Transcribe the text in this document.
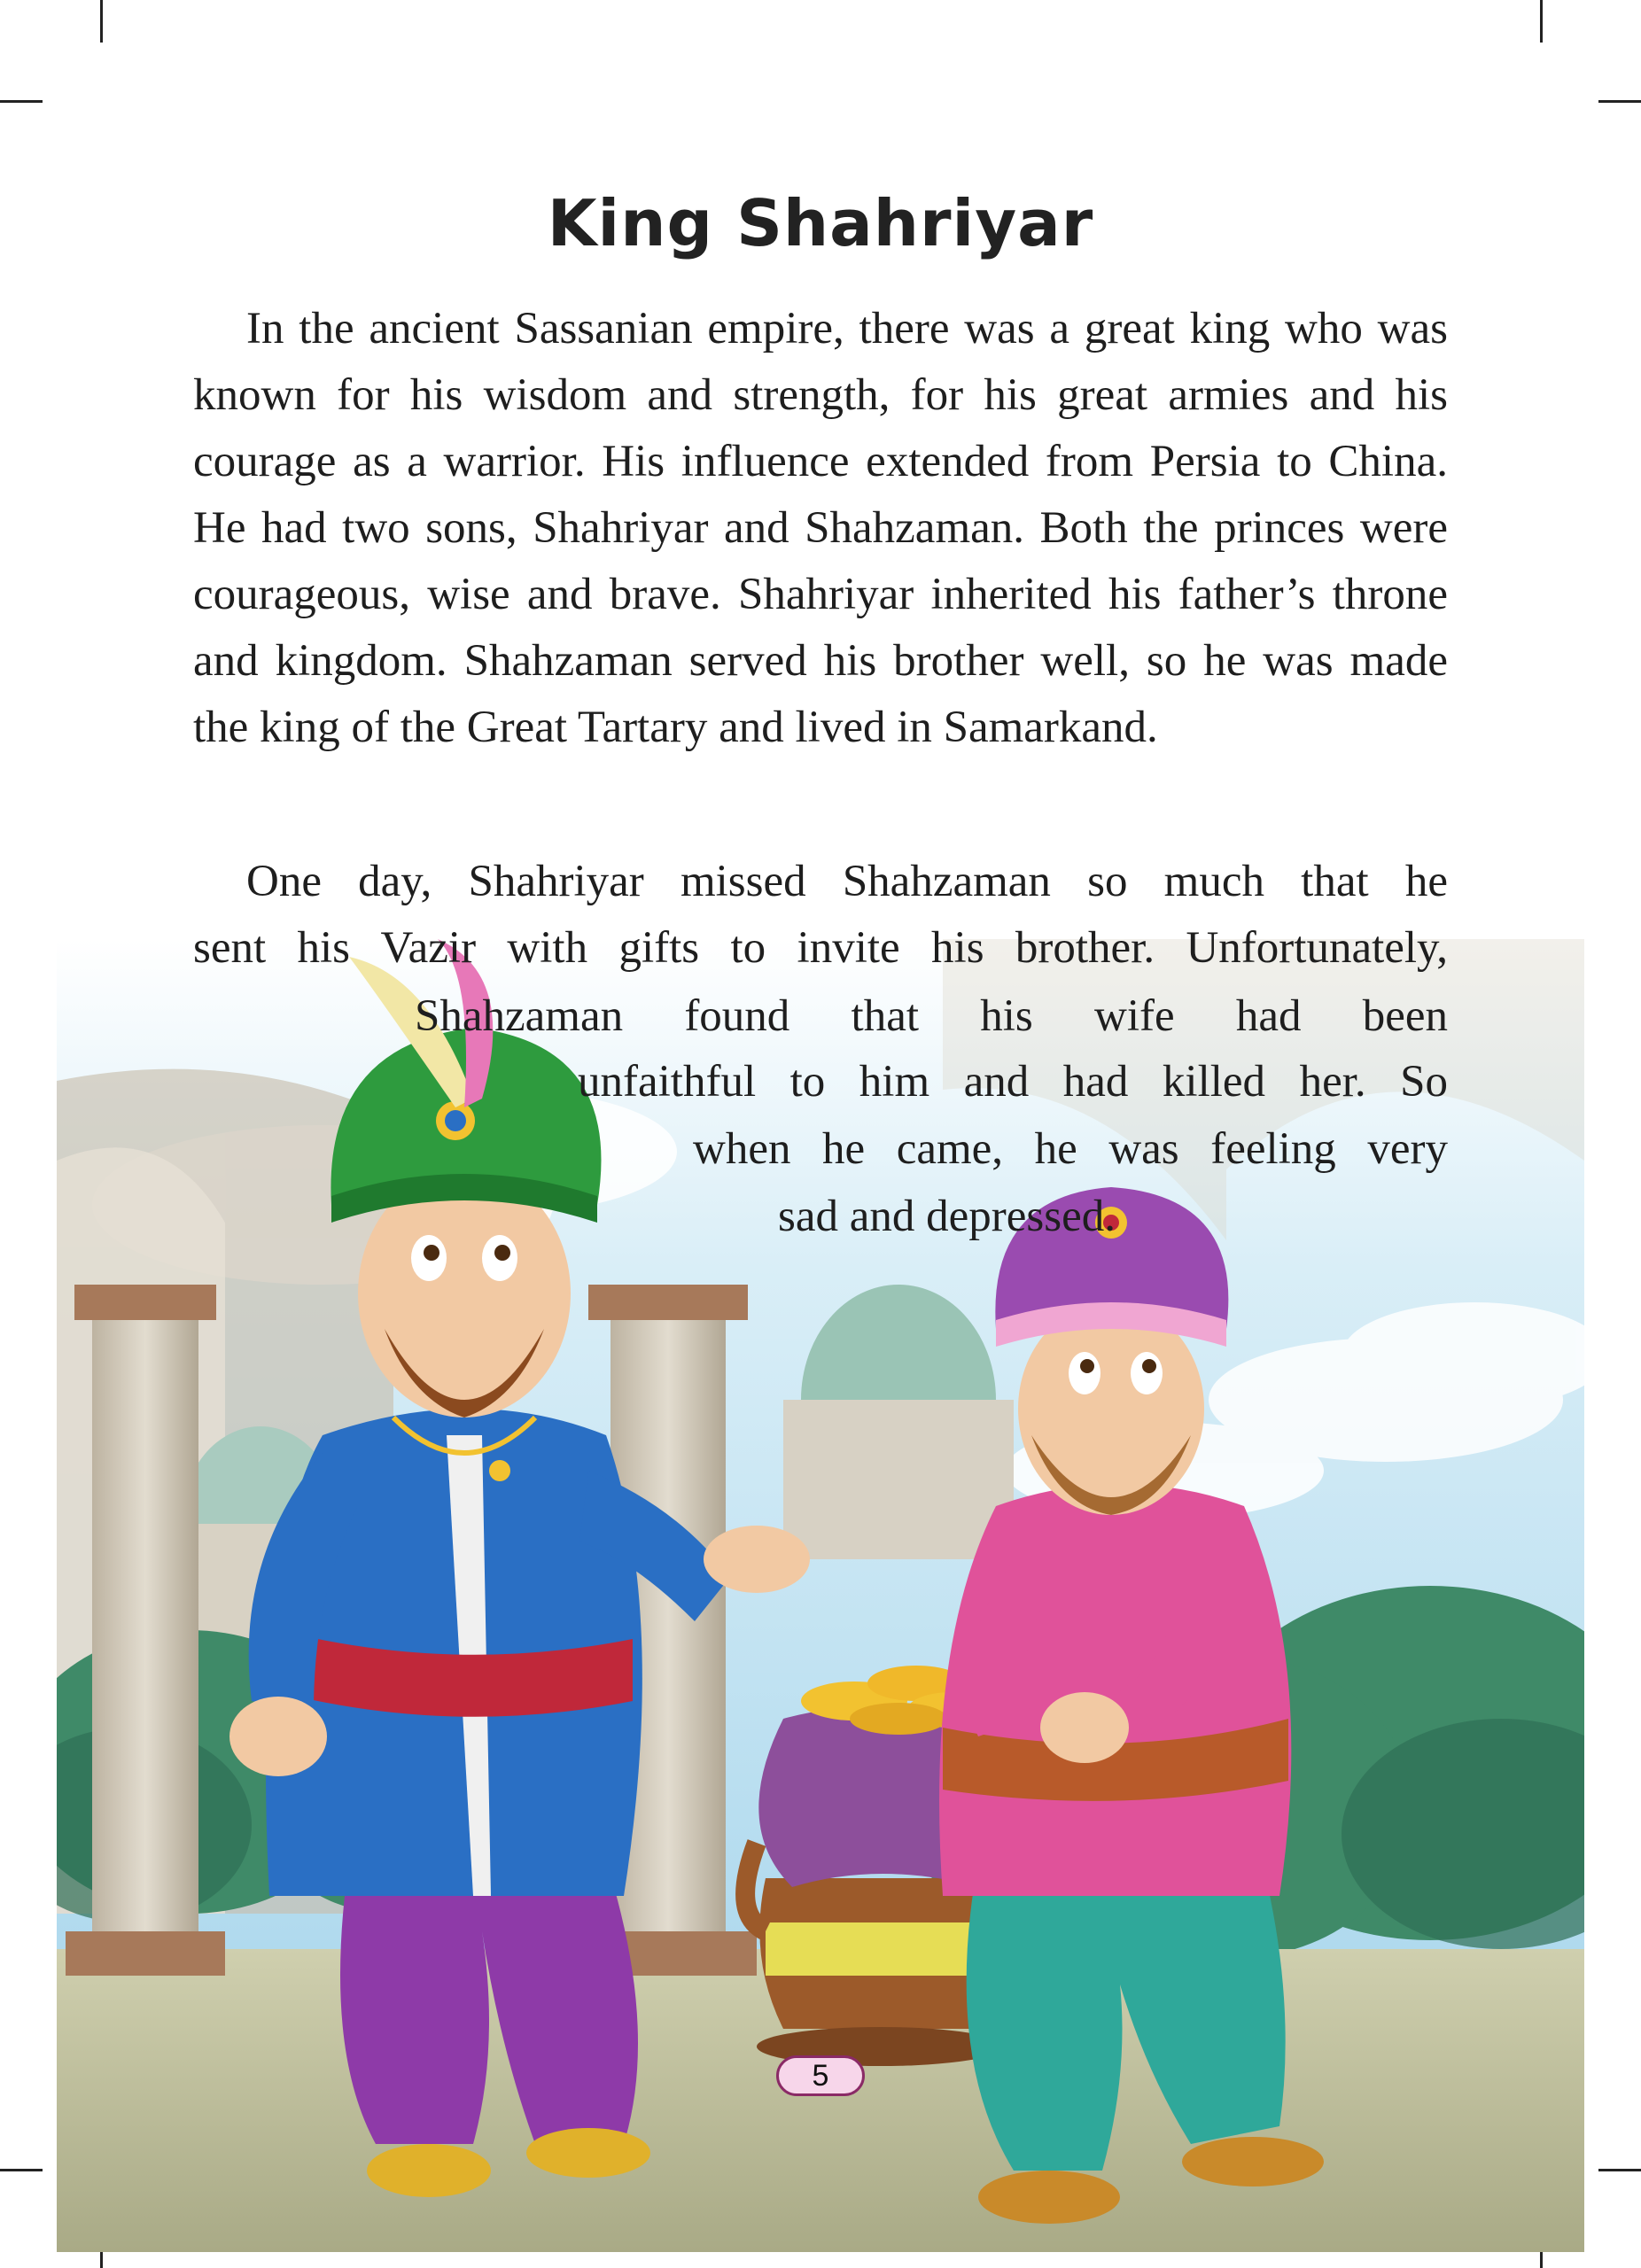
King Shahriyar
In the ancient Sassanian empire, there was a great king who was known for his wisdom and strength, for his great armies and his courage as a warrior. His influence extended from Persia to China. He had two sons, Shahriyar and Shahzaman. Both the princes were courageous, wise and brave. Shahriyar inherited his father’s throne and kingdom. Shahzaman served his brother well, so he was made the king of the Great Tartary and lived in Samarkand.
One day, Shahriyar missed Shahzaman so much that he
sent his Vazir with gifts to invite his brother. Unfortunately,
Shahzaman found that his wife had been
unfaithful to him and had killed her. So
when he came, he was feeling very
sad and depressed.
5
